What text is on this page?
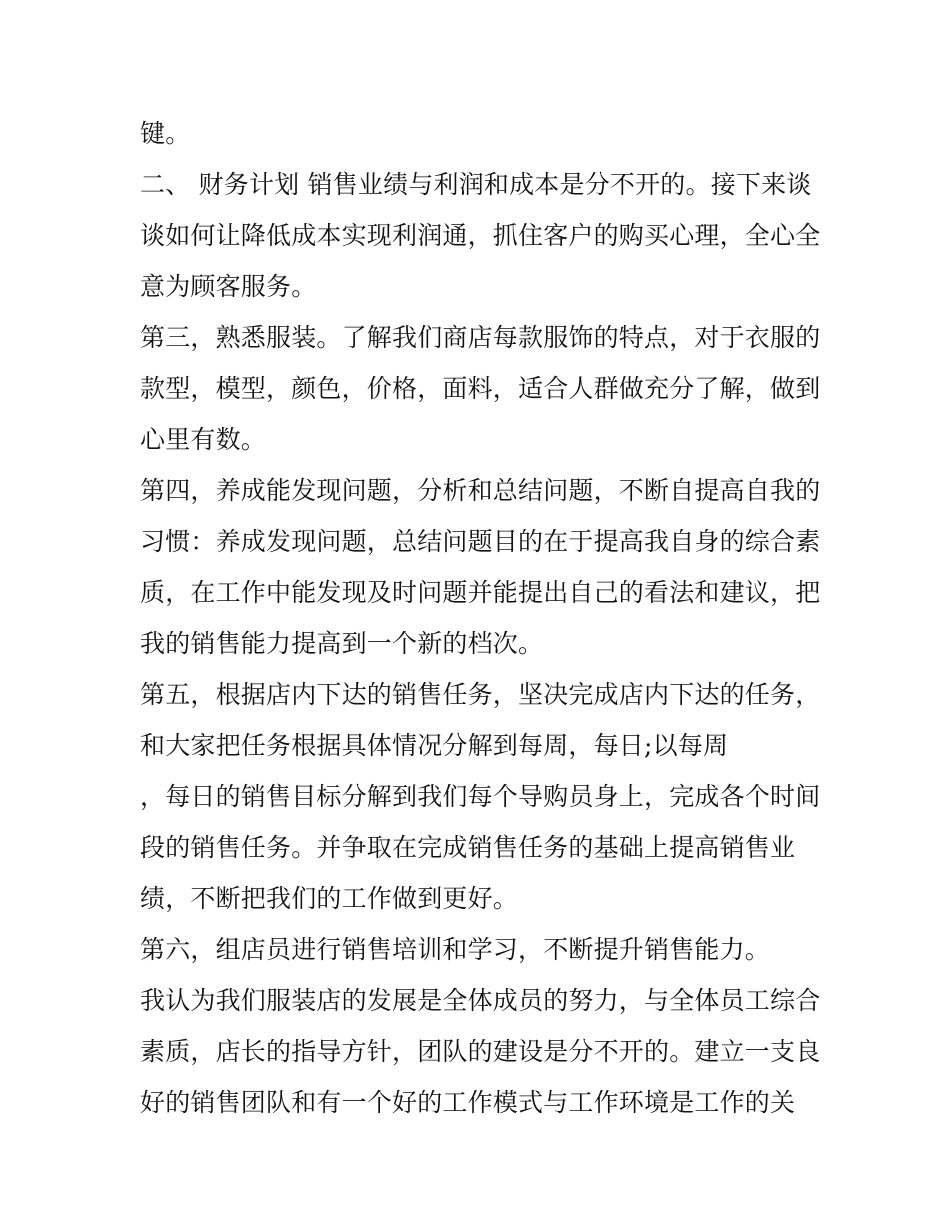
键。
二、 财务计划 销售业绩与利润和成本是分不开的。接下来谈
谈如何让降低成本实现利润通，抓住客户的购买心理，全心全
意为顾客服务。
第三，熟悉服装。了解我们商店每款服饰的特点，对于衣服的
款型，模型，颜色，价格，面料，适合人群做充分了解，做到
心里有数。
第四，养成能发现问题，分析和总结问题，不断自提高自我的
习惯：养成发现问题，总结问题目的在于提高我自身的综合素
质，在工作中能发现及时问题并能提出自己的看法和建议，把
我的销售能力提高到一个新的档次。
第五，根据店内下达的销售任务，坚决完成店内下达的任务，
和大家把任务根据具体情况分解到每周，每日;以每周
，每日的销售目标分解到我们每个导购员身上，完成各个时间
段的销售任务。并争取在完成销售任务的基础上提高销售业
绩，不断把我们的工作做到更好。
第六，组店员进行销售培训和学习，不断提升销售能力。
我认为我们服装店的发展是全体成员的努力，与全体员工综合
素质，店长的指导方针，团队的建设是分不开的。建立一支良
好的销售团队和有一个好的工作模式与工作环境是工作的关
